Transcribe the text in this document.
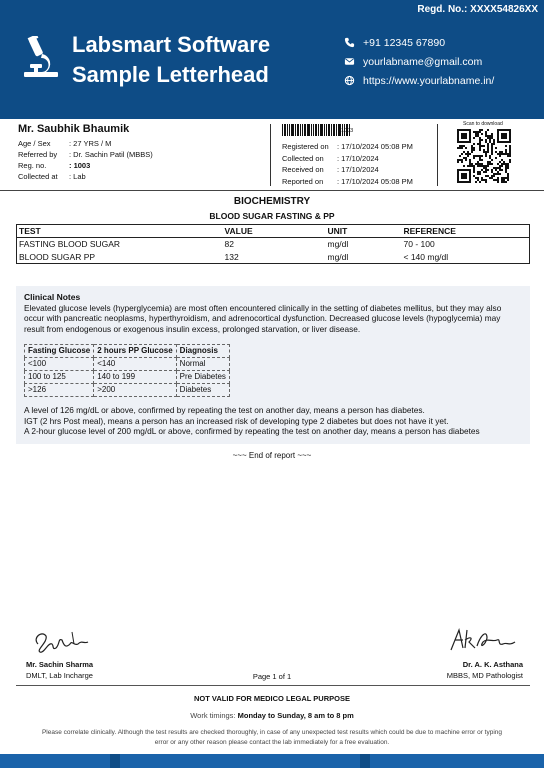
Regd. No.: XXXX54826XX
Labsmart Software
Sample Letterhead
+91 12345 67890
yourlabname@gmail.com
https://www.yourlabname.in/
Mr. Saubhik Bhaumik
Age / Sex	: 27 YRS / M
Referred by	: Dr. Sachin Patil (MBBS)
Reg. no.	: 1003
Collected at	: Lab
1003
Registered on	: 17/10/2024 05:08 PM
Collected on	: 17/10/2024
Received on	: 17/10/2024
Reported on	: 17/10/2024 05:08 PM
Scan to download
BIOCHEMISTRY
BLOOD SUGAR FASTING & PP
TEST	VALUE	UNIT	REFERENCE
FASTING BLOOD SUGAR	82	mg/dl	70 - 100
BLOOD SUGAR PP	132	mg/dl	< 140 mg/dl
Clinical Notes
Elevated glucose levels (hyperglycemia) are most often encountered clinically in the setting of diabetes mellitus, but they may also occur with pancreatic neoplasms, hyperthyroidism, and adrenocortical dysfunction. Decreased glucose levels (hypoglycemia) may result from endogenous or exogenous insulin excess, prolonged starvation, or liver disease.
Fasting Glucose	2 hours PP Glucose	Diagnosis
<100	<140	Normal
100 to 125	140 to 199	Pre Diabetes
>126	>200	Diabetes
A level of 126 mg/dL or above, confirmed by repeating the test on another day, means a person has diabetes.
IGT (2 hrs Post meal), means a person has an increased risk of developing type 2 diabetes but does not have it yet.
A 2-hour glucose level of 200 mg/dL or above, confirmed by repeating the test on another day, means a person has diabetes
~~~ End of report ~~~
Mr. Sachin Sharma
DMLT, Lab Incharge	Page 1 of 1
Dr. A. K. Asthana
MBBS, MD Pathologist
NOT VALID FOR MEDICO LEGAL PURPOSE
Work timings: Monday to Sunday, 8 am to 8 pm
Please correlate clinically. Although the test results are checked thoroughly, in case of any unexpected test results which could be due to machine error or typing error or any other reason please contact the lab immediately for a free evaluation.
